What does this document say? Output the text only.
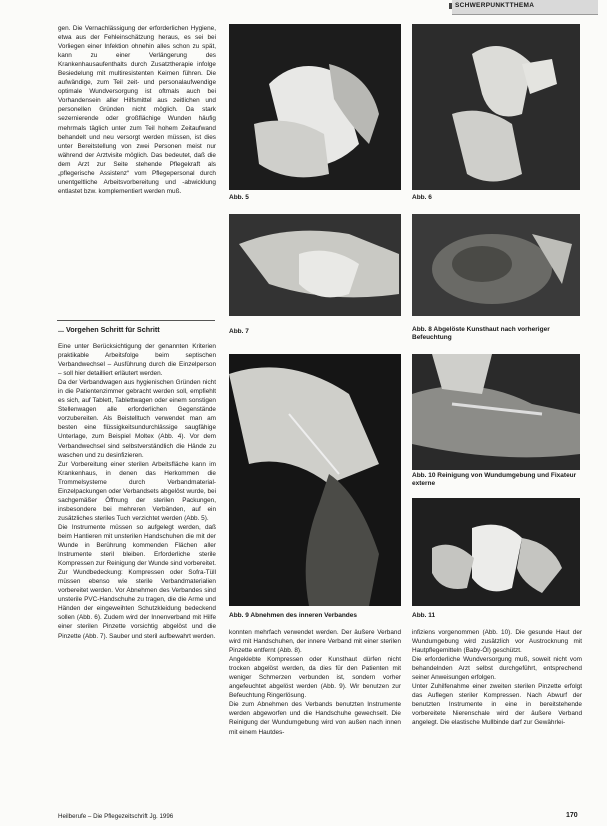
SCHWERPUNKTTHEMA

gen. Die Vernachlässigung der erforderlichen Hygiene, etwa aus der Fehleinschätzung heraus, es sei bei Vorliegen einer Infektion ohnehin alles schon zu spät, kann zu einer Verlängerung des Krankenhausaufenthalts durch Zusatztherapie infolge Besiedelung mit multiresistenten Keimen führen. Die aufwändige, zum Teil zeit- und personalaufwendige optimale Wundversorgung ist oftmals auch bei Vorhandensein aller Hilfsmittel aus zeitlichen und personellen Gründen nicht möglich. Da stark sezernierende oder großflächige Wunden häufig mehrmals täglich unter zum Teil hohem Zeitaufwand behandelt und neu versorgt werden müssen, ist dies unter Bereitstellung von zwei Personen meist nur während der Arztvisite möglich. Das bedeutet, daß die dem Arzt zur Seite stehende Pflegekraft als „pflegerische Assistenz“ vom Pflegepersonal durch unentgeltliche Arbeitsvorbereitung und -abwicklung entlastet bzw. komplementiert werden muß.

... Vorgehen Schritt für Schritt

Eine unter Berücksichtigung der genannten Kriterien praktikable Arbeitsfolge beim septischen Verbandwechsel – Ausführung durch die Einzelperson – soll hier detailliert erläutert werden.

Da der Verbandwagen aus hygienischen Gründen nicht in die Patientenzimmer gebracht werden soll, empfiehlt es sich, auf Tablett, Tablettwagen oder einem sonstigen Stellenwagen alle erforderlichen Gegenstände vorzubereiten. Als Beistelltuch verwendet man am besten eine flüssigkeitsundurchlässige saugfähige Unterlage, zum Beispiel Moltex (Abb. 4). Vor dem Verbandwechsel sind selbstverständlich die Hände zu waschen und zu desinfizieren.

Zur Vorbereitung einer sterilen Arbeitsfläche kann im Krankenhaus, in denen das Herkommen die Trommelsysteme durch Verbandmaterial-Einzelpackungen oder Verbandsets abgelöst wurde, bei sachgemäßer Öffnung der sterilen Packungen, insbesondere bei mehreren Verbänden, auf ein zusätzliches steriles Tuch verzichtet werden (Abb. 5).

Die Instrumente müssen so aufgelegt werden, daß beim Hantieren mit unsterilen Handschuhen die mit der Wunde in Berührung kommenden Flächen aller Instrumente steril bleiben. Erforderliche sterile Kompressen zur Reinigung der Wunde sind vorbereitet. Zur Wundbedeckung: Kompressen oder Sofra-Tüll müssen ebenso wie sterile Verbandmaterialien vorbereitet werden. Vor Abnehmen des Verbandes sind unsterile PVC-Handschuhe zu tragen, die die Arme und Händen der eingeweihten Schutzkleidung bedeckend sollen (Abb. 6). Zudem wird der Innenverband mit Hilfe einer sterilen Pinzette vorsichtig abgelöst und die Pinzette (Abb. 7). Sauber und steril aufbewahrt werden.

Abb. 5	Abb. 6
Abb. 7	Abb. 8 Abgelöste Kunsthaut nach vorheriger Befeuchtung
Abb. 9 Abnehmen des inneren Verbandes
Abb. 10 Reinigung von Wundumgebung und Fixateur externe
Abb. 11

konnten mehrfach verwendet werden. Der äußere Verband wird mit Handschuhen, der innere Verband mit einer sterilen Pinzette entfernt (Abb. 8).

Angeklebte Kompressen oder Kunsthaut dürfen nicht trocken abgelöst werden, da dies für den Patienten mit weniger Schmerzen verbunden ist, sondern vorher angefeuchtet abgelöst werden (Abb. 9). Wir benutzen zur Befeuchtung Ringerlösung.

Die zum Abnehmen des Verbands benutzten Instrumente werden abgeworfen und die Handschuhe gewechselt. Die Reinigung der Wundumgebung wird von außen nach innen mit einem Hautdes-

infiziens vorgenommen (Abb. 10). Die gesunde Haut der Wundumgebung wird zusätzlich vor Austrocknung mit Hautpflegemitteln (Baby-Öl) geschützt.

Die erforderliche Wundversorgung muß, soweit nicht vom behandelnden Arzt selbst durchgeführt, entsprechend seiner Anweisungen erfolgen.

Unter Zuhilfenahme einer zweiten sterilen Pinzette erfolgt das Auflegen steriler Kompressen. Nach Abwurf der benutzten Instrumente in eine in bereitstehende vorbereitete Nierenschale wird der äußere Verband angelegt. Die elastische Mullbinde darf zur Gewährlei-

Heilberufe – Die Pflegezeitschrift Jg. 1996	170
